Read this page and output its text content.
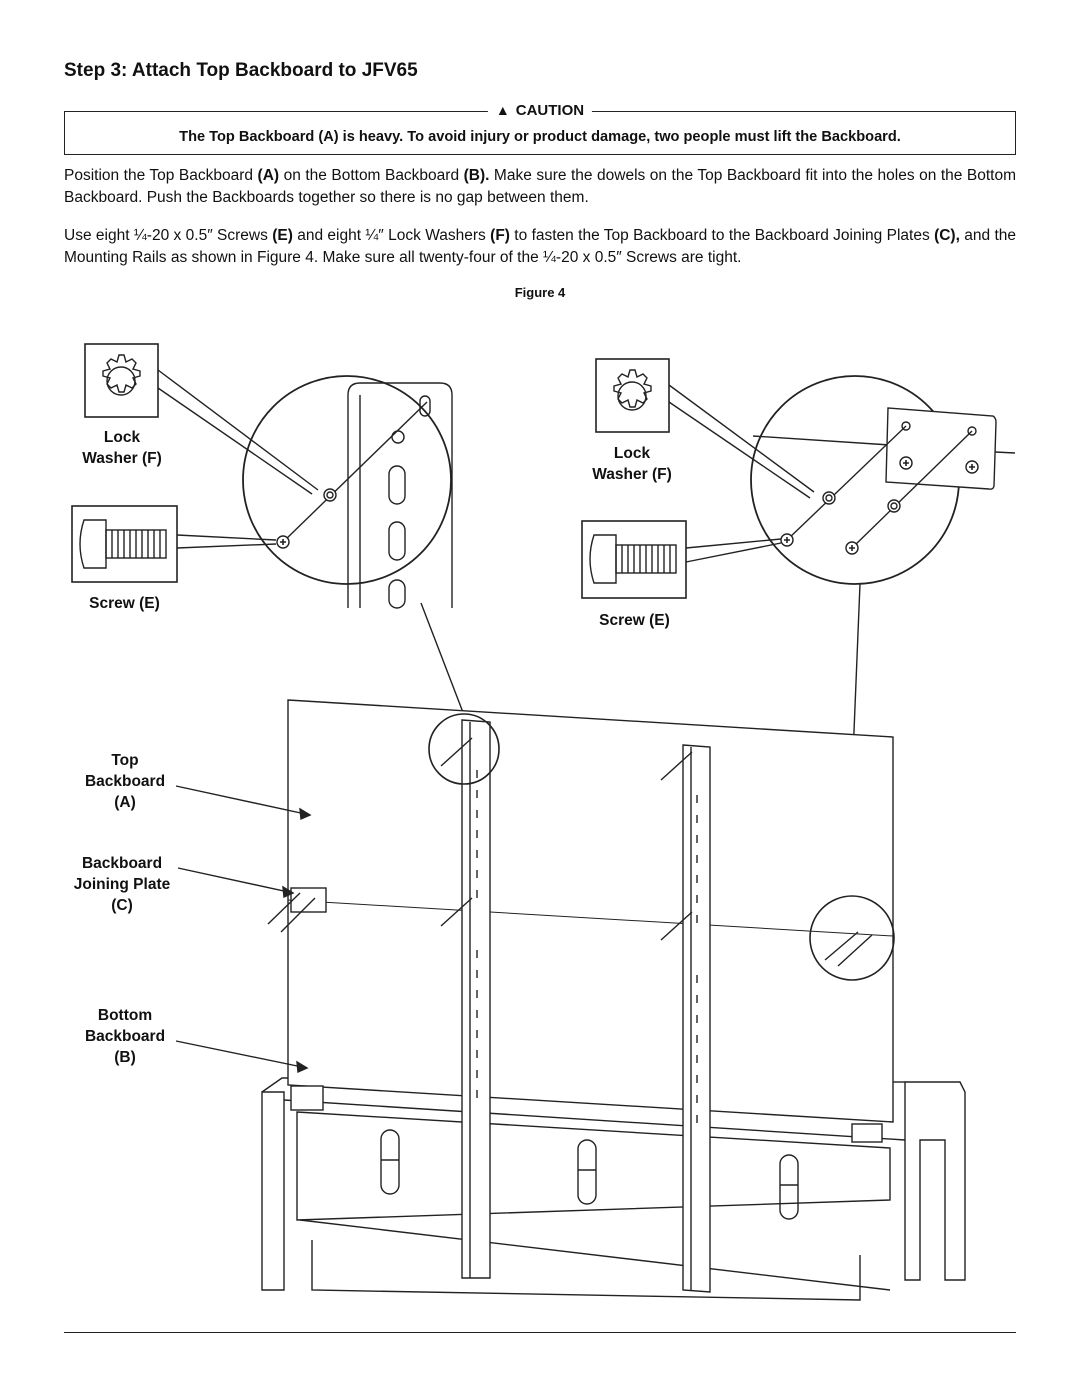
Step 3: Attach Top Backboard to JFV65
▲ CAUTION
The Top Backboard (A) is heavy. To avoid injury or product damage, two people must lift the Backboard.

Position the Top Backboard (A) on the Bottom Backboard (B). Make sure the dowels on the Top Backboard fit into the holes on the Bottom Backboard. Push the Backboards together so there is no gap between them.

Use eight ¼-20 x 0.5″ Screws (E) and eight ¼″ Lock Washers (F) to fasten the Top Backboard to the Backboard Joining Plates (C), and the Mounting Rails as shown in Figure 4. Make sure all twenty-four of the ¼-20 x 0.5″ Screws are tight.

Figure 4
Lock
Washer (F)
Screw (E)
Lock
Washer (F)
Screw (E)
Top
Backboard
(A)
Backboard
Joining Plate
(C)
Bottom
Backboard
(B)
